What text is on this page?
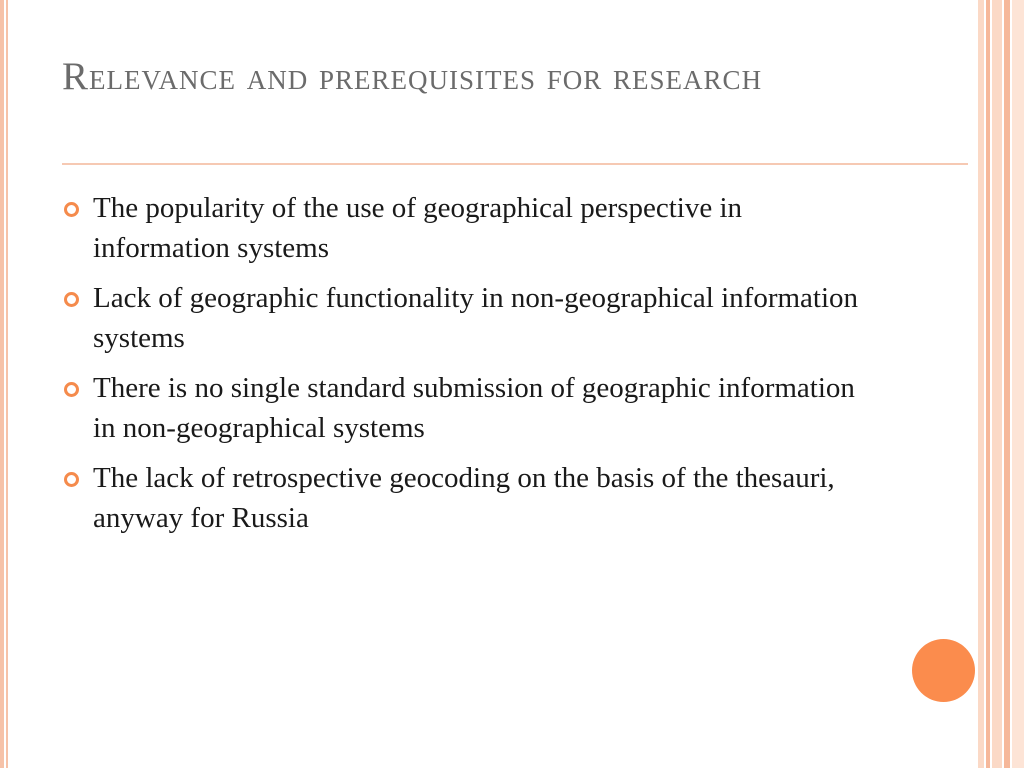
Relevance and prerequisites for research
The popularity of the use of geographical perspective in information systems
Lack of geographic functionality in non-geographical information systems
There is no single standard submission of geographic information in non-geographical systems
The lack of retrospective geocoding on the basis of the thesauri, anyway for Russia
